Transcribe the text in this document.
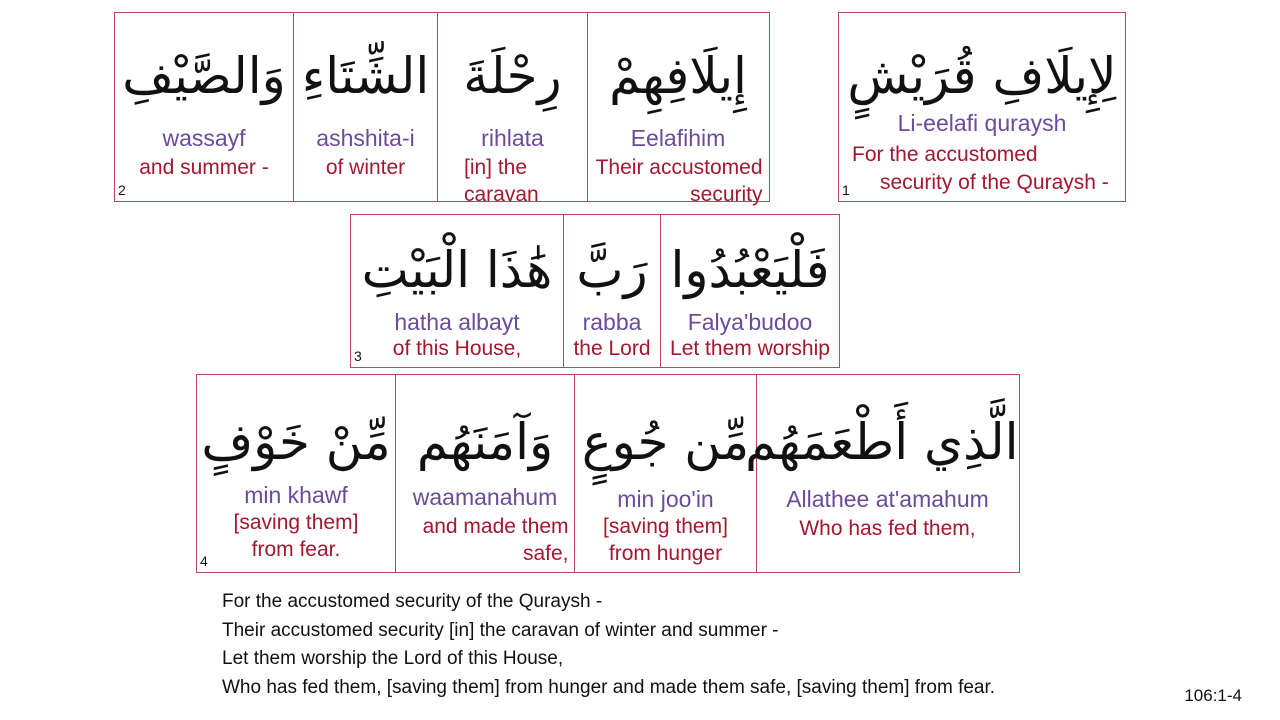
وَالصَّيْفِ
wassayf
and summer -
2
الشِّتَاءِ
ashshita-i
of winter
رِحْلَةَ
rihlata
[in] the
caravan
إِيلَافِهِمْ
Eelafihim
Their accustomed
security
لِإِيلَافِ قُرَيْشٍ
Li-eelafi quraysh
For the accustomed
security of the Quraysh -
1
هَٰذَا الْبَيْتِ
hatha albayt
of this House,
3
رَبَّ
rabba
the Lord
فَلْيَعْبُدُوا
Falya'budoo
Let them worship
مِّنْ خَوْفٍ
min khawf
[saving them]
from fear.
4
وَآمَنَهُم
waamanahum
and made them
safe,
مِّن جُوعٍ
min joo'in
[saving them]
from hunger
الَّذِي أَطْعَمَهُم
Allathee at'amahum
Who has fed them,
For the accustomed security of the Quraysh -
Their accustomed security [in] the caravan of winter and summer -
Let them worship the Lord of this House,
Who has fed them, [saving them] from hunger and made them safe, [saving them] from fear.	106:1-4
